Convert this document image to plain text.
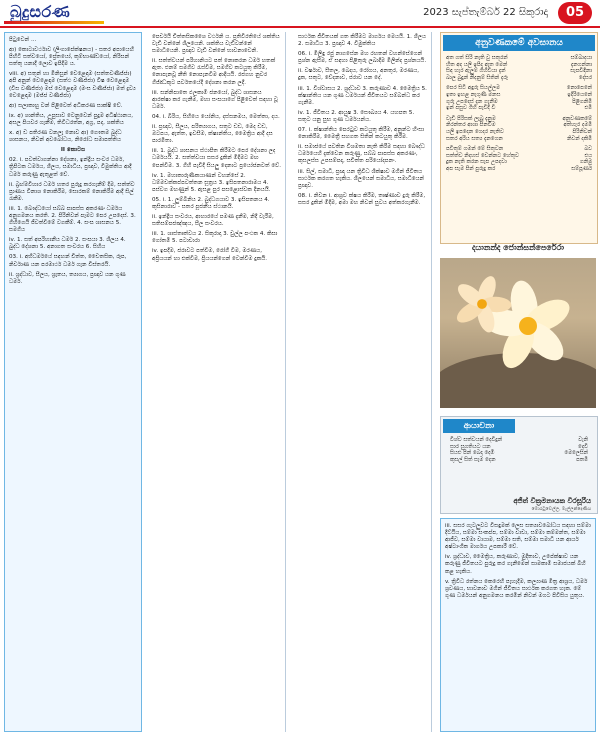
බුදුසරණ	2023 සැප්තැම්බර් 22 සිකුරාදා	05

පිටුවෙන් ...

ආ) කොටාවර්ථාව (ලිංගාපේක්ෂනය) - සතර අපායෙහි පිහිටි සත්වයෝ, ප්‍රේතයෝ, කුම්භාණ්ඩයෝ, නිරිසන් සත්තු යනාදී ලොව ඉපිදීම ය.

viii. අ) සතුන් හා මිනිසුන් වෙළෙඳාම (සත්තවණිජ්ජා) අපි අනුන් වෙළෙඳාම (සත්ථ වණිජ්ජා) විෂ වෙළෙඳාම (විස වණිජ්ජා) මස් වෙළෙඳාම (මංස වණිජ්ජා) මත් ද්‍රව්‍ය වෙළෙඳාම (මජ්ජ වණිජ්ජා)

ආ) සලාකාහු වන් පිළිවෙත් අධිකරණ සාක්ෂි වේ.

ix. අ) ශාන්තිය, උපුසාව වෙනුවෙන් පුදුම අධිෂ්ඨානය, අසල පියවර ගැනීම, තිවිධරත්න, අග්‍ර, පද, ශක්තිය

x. අ) ඩ පතිරණ වනලැ නොව ආ) ගෞතම බුද්ධ ශාසනය, නිවන් අවබෝධය, නිරෝධ සමාපත්තිය

II කොටස

02. i. පවත්වාගන්නා දේශනා, ඉන්ද්‍රිය සංවර ධර්ම, ත්‍රිපිටක ධර්මය, ශීලය, සමාධිය, ප්‍රඥාව, විමුක්තිය ආදී ධර්ම කරුණු ඇතුළත් වේ.

ii. බ්‍රහ්මවිහාර ධර්ම හතර පුරුදු කරගැනීම් දීම, සත්ත්ව ප්‍රාණය විනාශ නොකිරීම, සොරකම් නොකිරීම ආදී සිල් රැකීම.

iii. 1. බෞද්ධයෝ සබ්බ පාපස්ස අකරණං ධර්මය අනුගමනය කරති. 2. පිරිනිවන් පෑමට පෙර උපදෙස්. 3. ගිහිගෙයි ජීවත්වීමේ වගකීම්. 4. සංඝ ශාසනය 5. සමගිය

iv. 1. සත් අපරිහානීය ධර්ම 2. සංඝයා 3. ශීලය 4. බුද්ධ දේශනා 5. අනාගත සංවරය 6. සිහිය

03. i. අභිධර්මයේ සඳහන් චිත්ත, චෛතසික, රූප, නිර්වාණ යන පරමාර්ථ ධර්ම ගැන විස්තරයි.

ii. ශ්‍රද්ධාව, සීලය, ශ්‍රැතය, ත්‍යාගය, ප්‍රඥාව යන ගුණ ධර්ම.

පෙර්චයි චිත්තසිකශෛ වර්ථනි ය. ප්‍රතිවිරතියේ ශක්තිය වැඩි වන්නේ ශීලයෙනි. ශක්තිය වැඩිවන්නේ සමාධියෙනි. ප්‍රඥාව වැඩි වන්නේ භාවනාවෙනි.

ii. සත්ත්වයන් පරිහානියට පත් නොකරන ධර්ම හතක් ඇත. එනම් සමගිව රැස්වීම, සමගිව කටයුතු කිරීම, නොපැනවූ නීති නොපැනවීම ආදියයි. රජගහ නුවර ගිජ්ඣකූට පර්වතයේදී දේශනා කරන ලදී.

iii. සන්නිපාතෙ ඵලකාමී ජනයෝ, බුද්ධ ශාසනය ආරක්ෂා කර ගැනීම, මහා සංඝයාගේ පිළිවෙත් සඳහා වූ ධර්ම.

04. i. බිරිය, සිහියෙ යෝනිය, දස්සනමය, මෙත්තා, දය.

ii. ප්‍රඥාව, සීලය, පරිත්‍යාගය, සතුට ඩඩ, මෙද ඩඩ, ඔටපය, ඇත්ත, ඉවසීම, ක්ෂාන්තිය, මෛත්‍රිය ආදී දස පාරමිතා.

iii. 1. බුද්ධ ශාසනය ස්ථාපිත කිරීමට පෙර දේශනා ලද ධර්මයයි. 2. සත්ත්වයා සසර දුකින් මිදීමට මඟ පෙන්වීම. 3. ගිහි පැවිදි සියලු දෙනාට ප්‍රයෝජනවත් වේ.

iv. 1. මහාකාරුණිකයාණන් වහන්සේ 2. ධම්මචක්කප්පවත්තන සූත්‍රය 3. ඉසිපතනාරාමය 4. පස්වග මහණුන් 5. ඇසළ පුර පසළොස්වක දිනයයි.

05. i. 1. ලුම්බිනිය 2. බුද්ධගයාව 3. ඉසිපතනය 4. කුසිනාරාව - සතර පූජනීය ස්ථානයි.

ii. ඉන්ද්‍රිය සංවරය, ආහාරයේ පමණ දැනීම, නිදි වැරීම, සතිසම්පජඤ්ඤය, සීල සංවරය.

iii. 1. ශාස්තෘත්වය 2. සිකුරාදා 3. චුල්ල පංථක 4. කිසා ගෝතමී 5. පටාචාරා

iv. ඉපදීම, ජරාවට පත්වීම, රෝගී වීම, මරණය, අප්‍රියයන් හා එක්වීම, ප්‍රියයන්ගෙන් වෙන්වීම දුකයි.

සාර්ථක ජීවිතයක් ගත කිරීමට මාර්ගය මෙයයි. 1. ශීලය 2. සමාධිය 3. ප්‍රඥාව 4. විමුක්තිය

06. i. මිලිඳු රජු නාගසේන මහ රහතන් වහන්සේගෙන් ප්‍රශ්න ඇසීම, ඒ සඳහා පිළිතුරු ලබාදීම මිලින්ද ප්‍රශ්නයයි.

ii. වර්ෂාව, සීතල, ඛෙදය, රෝගය, අනතුර, මරණය, දුක, සතුට, වේදනාව, ජරාව යන දේ.

iii. 1. විශ්වාසය 2. ශ්‍රද්ධාව 3. කරුණාව 4. මෛත්‍රිය 5. ක්ෂාන්තිය යන ගුණ ධර්මයන් ජීවිතයට සම්බන්ධ කර ගැනීම.

iv. 1. ජීවිතය 2. ආයුෂ 3. සෞඛ්‍යය 4. යහපත 5. සතුට යනු සුභ ගුණ ධර්මයන්ය.

07. i. ක්ෂාන්තිය පෙරටුව කටයුතු කිරීම, අනුන්ට හිංසා නොකිරීම, මෛත්‍රී සහගත සිතින් කටයුතු කිරීම.

ii. සමාජයේ පවතින විශමතා නැති කිරීම සඳහා බෞද්ධ ධර්මයෙහි දැක්වෙන කරුණු, සබ්බ පාපස්ස අකරණං, කුසලස්ස උපසම්පදා, සචිත්ත පරියෝදපනං.

iii. සිල්, සමාධි, ප්‍රඥා යන ත්‍රිවිධ ශික්ෂාව මගින් ජීවිතය සාර්ථක කරගත හැකිය. ශීලයෙන් සමාධිය, සමාධියෙන් ප්‍රඥාව.

08. i. නිවන i. ආශ්‍රව ක්ෂය කිරීම, තෘෂ්ණාව දුරු කිරීම, සසර දුකින් මිදීම, අමා මහ නිවන් සුවය අත්කරගැනීම.

අනුවණකමේ අවසානය
අත ගත් සිරි නැති වු සතුරන්	සම්බාදයා
හිත අද යලි ඉපිද ඇත මෙන්	දැනගන්නා
සිඳ හැර ඇලුම් ගිහිවියා දැන්	සැපවිඳිනා
බාල බුදුන් නිදනුම් සිතින් දැරූ	දෝසර
පෙර සිටි අඳුරු සියල්ලම	නොපෙනේ
ඉතා ඉහළ නැගුණි මනස	ඉදිරියෙනේ
ගුරු උපදෙස් දැන ගැනීම	පිළිගනිමි
ඉන් පසුව ගිහි පැවිදි වී	එමි
වැඩි පිරිසක් ලැබූ දැනුම	අනුවණකමේ
නිරන්තර ආශා පිනවීම	අත්හැර දමමි
යලි ඉපදෙන ගෙදර නැතිව	පිරිනිවන්
සතර අරිය සත්‍ය දැනගෙන	නිවන් දකිමි
පවිතුම් ගමන් මේ සිතුවන	බව
සත්ත්ව නිදහස් වෙන්නට හේතුව	එය
දුක නැති කරන සැප උපදවා	ගනිමු
අප සැම පින් පුරුදු කර	සම්පූර්ණ
දයානන්ද ජොන්සන්පෙරේරා
ආයාචනා
විශ්ව සත්වයන් දෙවිදුන්	වැනි
සාර සුගතියට යන	දෙවි
සියළු පින් බෙදා දෙමි	මෙලෙසින්
කුසල් සිත් සැම දෙන	පතමි
අජිත් වික්‍රමනායක වීරසූරිය
මොරටුවෙල්ල, මැල්ලන්දෙණිය

iii. සසර ගැටලුවට විසඳුමක් ලෙස සත්‍යාවබෝධය සඳහා සම්මා දිට්ඨිය, සම්මා සංකප්ප, සම්මා වාචා, සම්මා කම්මන්ත, සම්මා ආජීව, සම්මා වායාම, සම්මා සති, සම්මා සමාධි යන ආර්ය අෂ්ටාංගික මාර්ගය උපකාරී වේ.

iv. ශ්‍රද්ධාව, මෛත්‍රිය, කරුණාව, මුදිතාව, උපේක්ෂාව යන කරුණු ජීවිතයට පුරුදු කර ගැනීමෙන් සාමකාමී සමාජයක් බිහි කළ හැකිය.

v. ත්‍රිවිධ රත්නය කෙරෙහි පැහැදීම, කල්‍යාණ මිත්‍ර ආශ්‍රය, ධර්ම ශ්‍රවණය, භාවනාව මගින් ජීවිතය සාර්ථක කරගත හැක. මේ ගුණ ධර්මයන් අනුගමනය කරමින් නිවන් මගට පිවිසිය යුතුය.
